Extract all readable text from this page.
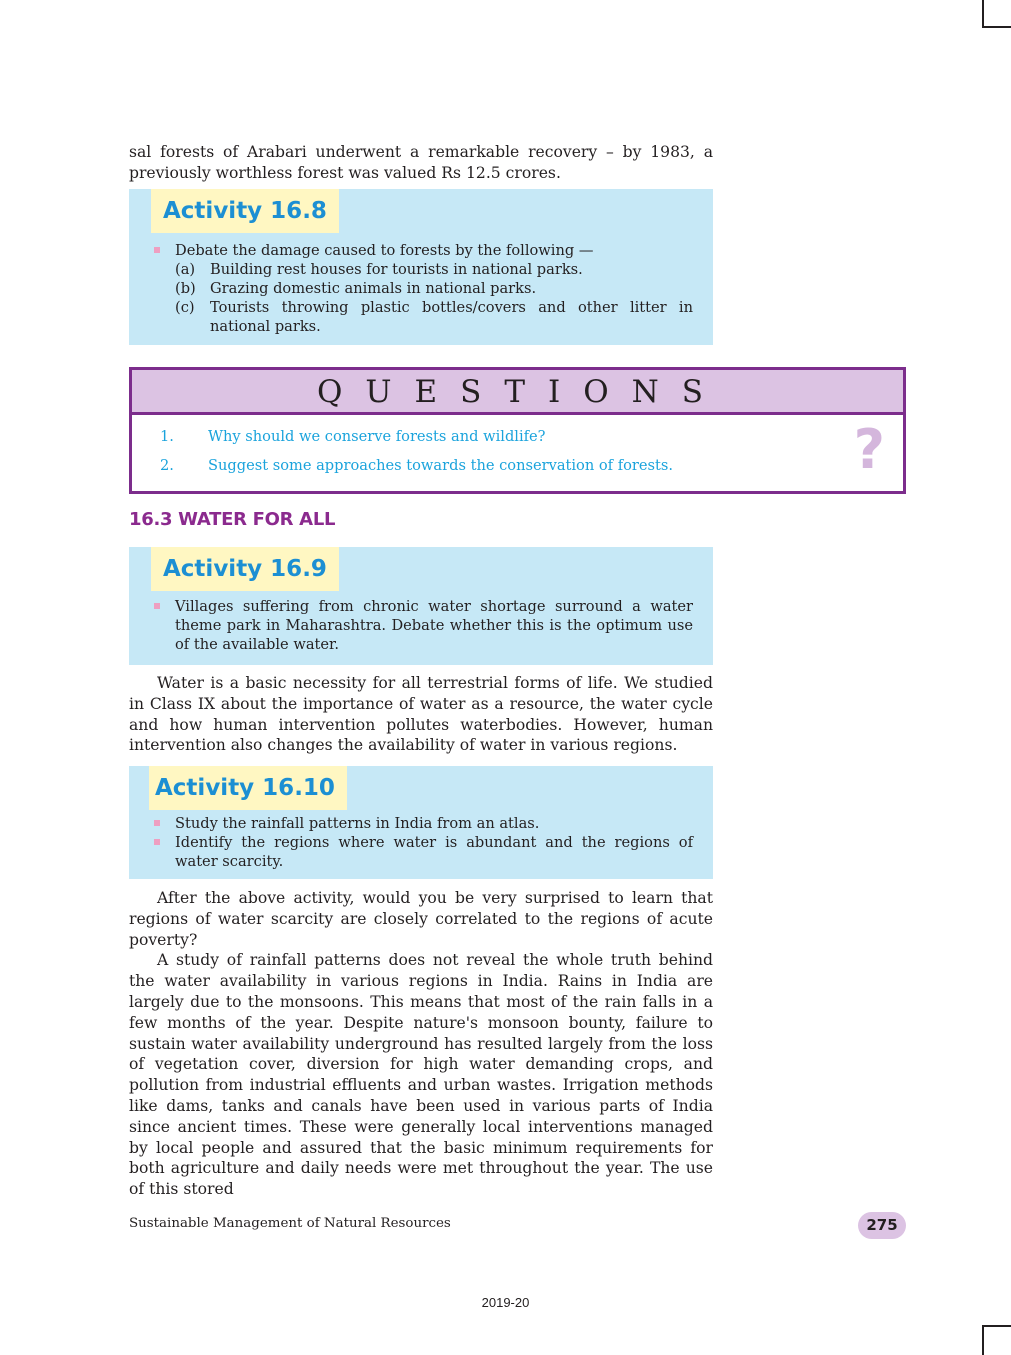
sal forests of Arabari underwent a remarkable recovery – by 1983, a
previously worthless forest was valued Rs 12.5 crores.
Activity 16.8
Debate the damage caused to forests by the following —
(a)	Building rest houses for tourists in national parks.
(b) Grazing domestic animals in national parks.
(c)	Tourists throwing plastic bottles/covers and other litter in national parks.
QUESTIONS
1.	Why should we conserve forests and wildlife?
2.	Suggest some approaches towards the conservation of forests.	?
16.3 WATER FOR ALL
Activity 16.9
Villages suffering from chronic water shortage surround a water theme park in Maharashtra. Debate whether this is the optimum use of the available water.

Water is a basic necessity for all terrestrial forms of life. We studied in Class IX about the importance of water as a resource, the water cycle and how human intervention pollutes waterbodies. However, human intervention also changes the availability of water in various regions.

Activity 16.10
Study the rainfall patterns in India from an atlas.
Identify the regions where water is abundant and the regions of water scarcity.

After the above activity, would you be very surprised to learn that regions of water scarcity are closely correlated to the regions of acute poverty?

A study of rainfall patterns does not reveal the whole truth behind the water availability in various regions in India. Rains in India are largely due to the monsoons. This means that most of the rain falls in a few months of the year. Despite nature's monsoon bounty, failure to sustain water availability underground has resulted largely from the loss of vegetation cover, diversion for high water demanding crops, and pollution from industrial effluents and urban wastes. Irrigation methods like dams, tanks and canals have been used in various parts of India since ancient times. These were generally local interventions managed by local people and assured that the basic minimum requirements for both agriculture and daily needs were met throughout the year. The use of this stored

Sustainable Management of Natural Resources	275
2019-20
